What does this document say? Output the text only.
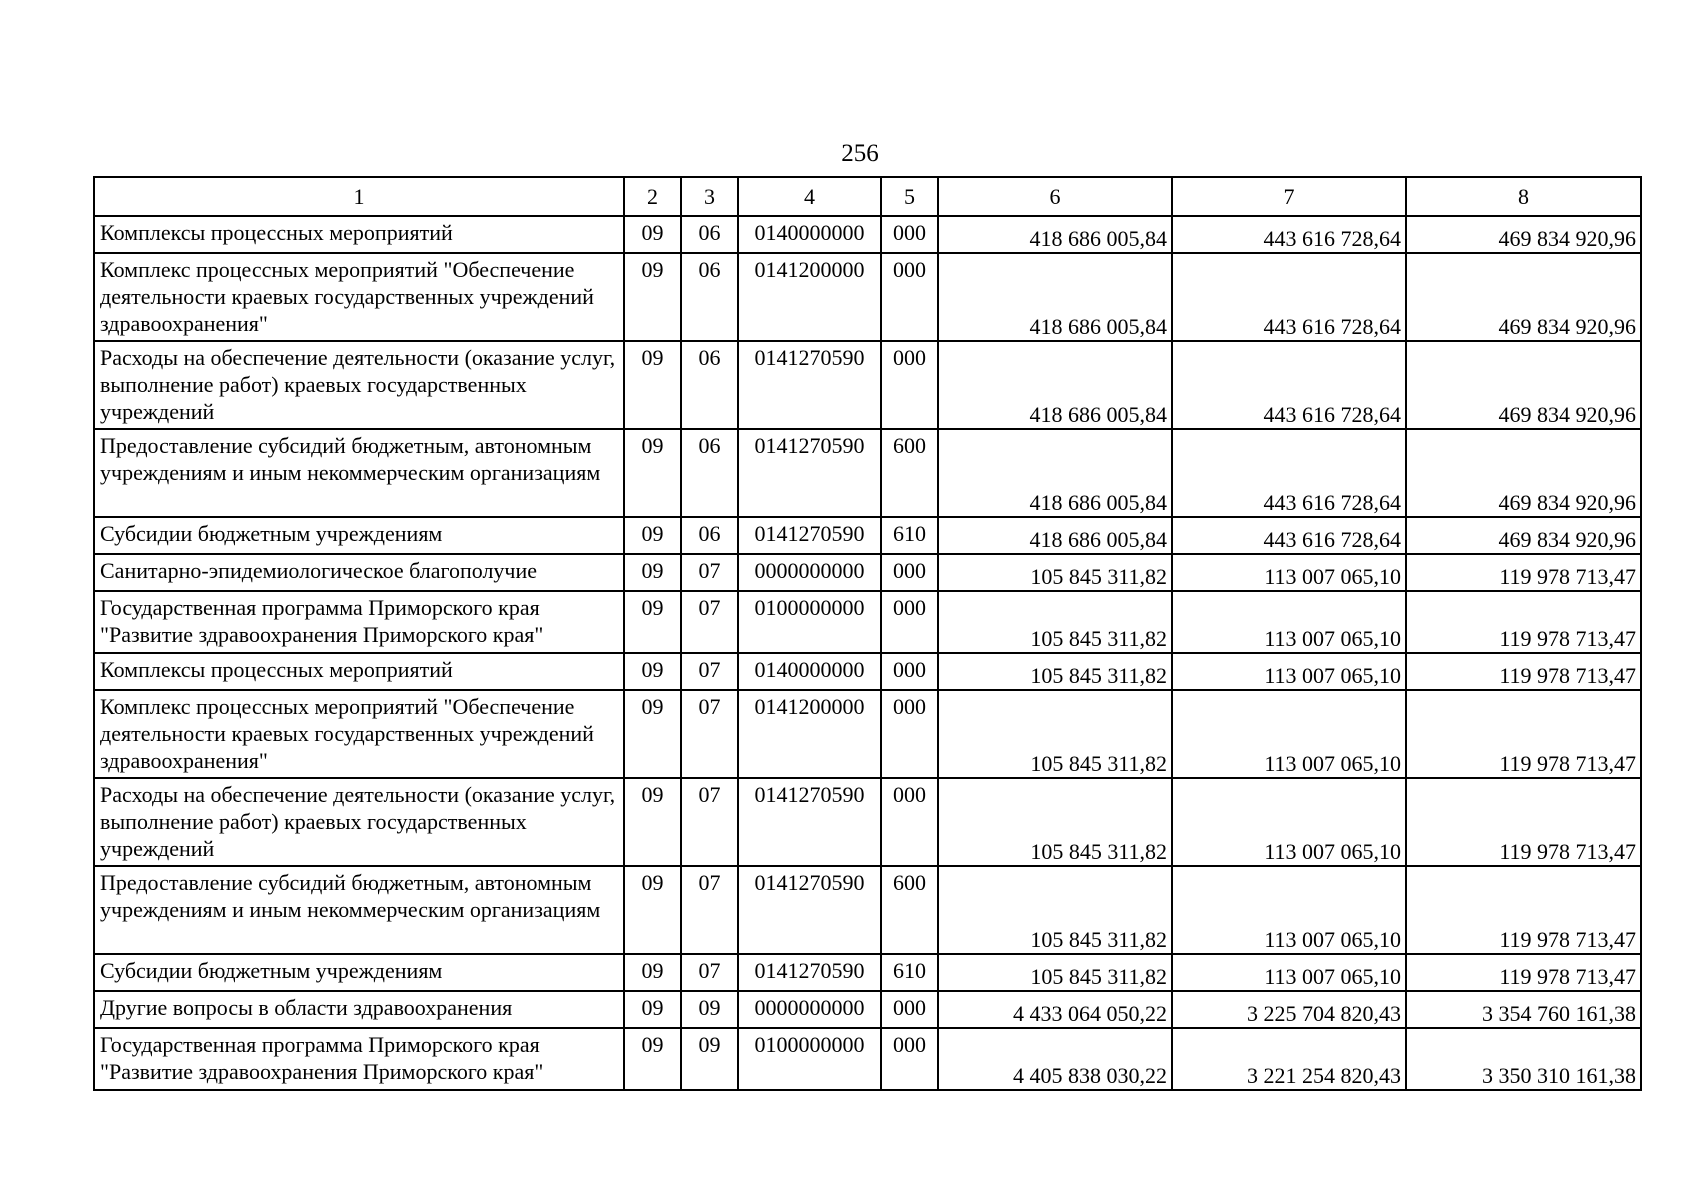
256
1	2	3	4	5	6	7	8
Комплексы процессных мероприятий	09	06	0140000000	000	418 686 005,84	443 616 728,64	469 834 920,96
Комплекс процессных мероприятий "Обеспечение деятельности краевых государственных учреждений здравоохранения"	09	06	0141200000	000	418 686 005,84	443 616 728,64	469 834 920,96
Расходы на обеспечение деятельности (оказание услуг, выполнение работ) краевых государственных учреждений	09	06	0141270590	000	418 686 005,84	443 616 728,64	469 834 920,96
Предоставление субсидий бюджетным, автономным учреждениям и иным некоммерческим организациям	09	06	0141270590	600	418 686 005,84	443 616 728,64	469 834 920,96
Субсидии бюджетным учреждениям	09	06	0141270590	610	418 686 005,84	443 616 728,64	469 834 920,96
Санитарно-эпидемиологическое благополучие	09	07	0000000000	000	105 845 311,82	113 007 065,10	119 978 713,47
Государственная программа Приморского края "Развитие здравоохранения Приморского края"	09	07	0100000000	000	105 845 311,82	113 007 065,10	119 978 713,47
Комплексы процессных мероприятий	09	07	0140000000	000	105 845 311,82	113 007 065,10	119 978 713,47
Комплекс процессных мероприятий "Обеспечение деятельности краевых государственных учреждений здравоохранения"	09	07	0141200000	000	105 845 311,82	113 007 065,10	119 978 713,47
Расходы на обеспечение деятельности (оказание услуг, выполнение работ) краевых государственных учреждений	09	07	0141270590	000	105 845 311,82	113 007 065,10	119 978 713,47
Предоставление субсидий бюджетным, автономным учреждениям и иным некоммерческим организациям	09	07	0141270590	600	105 845 311,82	113 007 065,10	119 978 713,47
Субсидии бюджетным учреждениям	09	07	0141270590	610	105 845 311,82	113 007 065,10	119 978 713,47
Другие вопросы в области здравоохранения	09	09	0000000000	000	4 433 064 050,22	3 225 704 820,43	3 354 760 161,38
Государственная программа Приморского края "Развитие здравоохранения Приморского края"	09	09	0100000000	000	4 405 838 030,22	3 221 254 820,43	3 350 310 161,38
